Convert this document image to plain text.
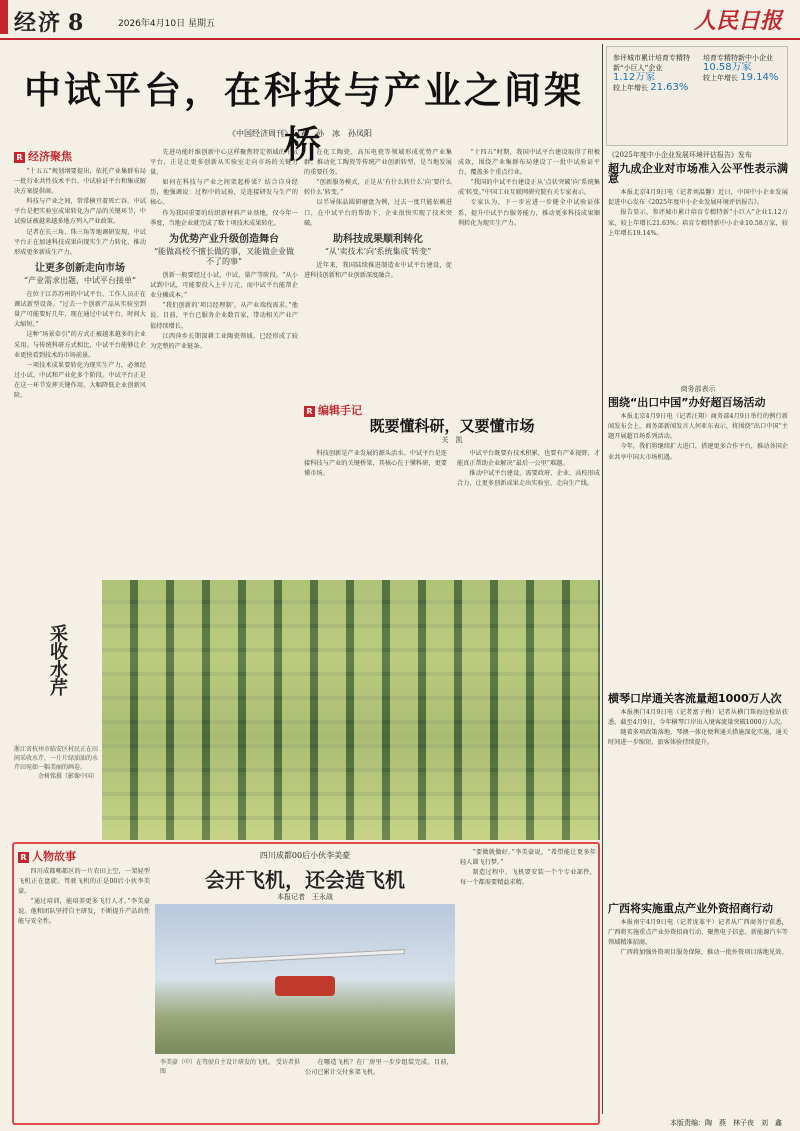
经济 8	2026年4月10日 星期五	人民日报
中试平台，在科技与产业之间架桥
《中国经济周刊》记者　孙　冰　孙凤阳
R 经济聚焦

“十五五”规划纲要提出，依托产业集群布局一批行业共性技术平台、中试验证平台和集成解决方案提供商。

科技与产业之间，常常横亘着死亡谷。中试平台是把实验室成果转化为产品的关键环节，中试验证被越来越多地方列入产业政策。

记者在长三角、珠三角等地调研发现，中试平台正在加速科技成果向现实生产力转化，推动形成更多新质生产力。

让更多创新走向市场
“产业需求出题，中试平台接单”

在位于江苏苏州的中试平台，工作人员正在调试新型设备。“过去一个创新产品从实验室到量产可能要好几年，现在通过中试平台，时间大大缩短。”

这种“场景牵引”的方式正被越来越多的企业采用。与传统科研方式相比，中试平台能够让企业更快看到技术的市场前景。

一项技术成果要转化为现实生产力，必须经过小试、中试和产业化多个阶段。中试平台正是在这一环节发挥关键作用，大幅降低企业创新风险。

先进功能纤维创新中心这样聚焦特定领域的中试平台，正是让更多创新从实验室走向市场的关键力量。

如何在科技与产业之间架起桥梁？结合自身经历，他强调说：过程中的试验，是连接研发与生产的核心。

作为我国重要的纺织新材料产业基地，仅今年一季度，当地企业就完成了数十项技术成果转化。

为优势产业升级创造舞台
“能做高校不擅长做的事，又能做企业做不了的事”

创新一般要经过小试、中试、量产等阶段。“从小试到中试，可能要投入上千万元，而中试平台能帮企业分摊成本。”

“我们创新的‘项目经理制’，从产业端找需求。”他说。目前，平台已服务企业数百家，带动相关产业产值持续增长。

江西萍乡长期深耕工业陶瓷领域，已经形成了较为完整的产业链条。

在化工陶瓷、高压电瓷等领域形成优势产业集群。推动化工陶瓷等传统产业创新转型，是当地发展的重要任务。

“创新服务模式，正是从‘有什么转什么’向‘要什么转什么’转变。”

以半导体晶圆研磨盘为例，过去一度只能依赖进口，在中试平台的帮助下，企业很快实现了技术突破。

助科技成果顺利转化
“从‘卖技术’向‘系统集成’转变”

近年来，我国陆续推进制造业中试平台建设，促进科技创新和产业创新深度融合。

“十四五”时期，我国中试平台建设取得了积极成效，围绕产业集群布局建设了一批中试验证平台，覆盖多个重点行业。

“我国的中试平台建设正从‘点状突破’向‘系统集成’转变。”中国工业互联网研究院有关专家表示。

专家认为，下一步应进一步健全中试验证体系，提升中试平台服务能力，推动更多科技成果顺利转化为现实生产力。

R 编辑手记
既要懂科研，又要懂市场
关　凯

科技创新是产业发展的源头活水。中试平台是连接科技与产业的关键桥梁，其核心在于懂科研，更要懂市场。

中试平台既要有技术积累，也要有产业视野，才能真正帮助企业解决“最后一公里”难题。

推动中试平台建设，需要政府、企业、高校形成合力，让更多创新成果走出实验室、走向生产线。

采收水芹
浙江省杭州市临安区村民正在田间采收水芹，一片片绿油油的水芹田宛如一幅美丽的画卷。

余树铭摄（影像中国）
R 人物故事

四川成都郫都区的一片农田上空，一架轻型飞机正在盘旋。驾驶飞机的正是00后小伙李美豪。

“通过培训，能培养更多飞行人才。”李美豪说。他和团队坚持自主研发，不断提升产品的性能与安全性。

四川成都00后小伙李美豪
会开飞机，还会造飞机
本报记者　王永战
李美豪（中）在驾驶自主设计研发的飞机。 受访者供图

在哪造飞机？在厂房里一步步组装完成。目前，公司已累计交付多架飞机。

“要做就做好。”李美豪说，“希望能让更多年轻人圆飞行梦。”

制造过程中，飞机要安装一个个专业部件，每一个都需要精益求精。

参评城市累计培育专精特新“小巨人”企业
1.12万家
较上年增长 21.63%
培育专精特新中小企业
10.58万家
较上年增长 19.14%
《2025年度中小企业发展环境评估报告》发布
超九成企业对市场准入公平性表示满意

本报北京4月9日电（记者刘温馨）近日，中国中小企业发展促进中心发布《2025年度中小企业发展环境评估报告》。

报告显示，参评城市累计培育专精特新“小巨人”企业1.12万家，较上年增长21.63%；培育专精特新中小企业10.58万家，较上年增长19.14%。

商务部表示
围绕“出口中国”办好超百场活动

本报北京4月9日电（记者汪翔）商务部4月9日举行的例行新闻发布会上，商务部新闻发言人何亚东表示，将围绕“出口中国”主题开展超百场系列活动。

今年，我们将继续扩大进口，搭建更多合作平台，推动各国企业共享中国大市场机遇。

横琴口岸通关客流量超1000万人次

本报澳门4月9日电（记者富子梅）记者从横门珠海边检站获悉，截至4月9日，今年横琴口岸出入境客流量突破1000万人次。

随着多项政策落地，琴澳一体化便利通关措施深化实施，通关时间进一步缩短，旅客体验持续提升。

广西将实施重点产业外资招商行动

本报南宁4月9日电（记者庞革平）记者从广西商务厅获悉，广西将实施重点产业外资招商行动，聚焦电子信息、新能源汽车等领域精准招商。

广西将加强外资项目服务保障，推动一批外资项目落地见效。

本版责编：陶　燕　林子夜　刘　鑫
